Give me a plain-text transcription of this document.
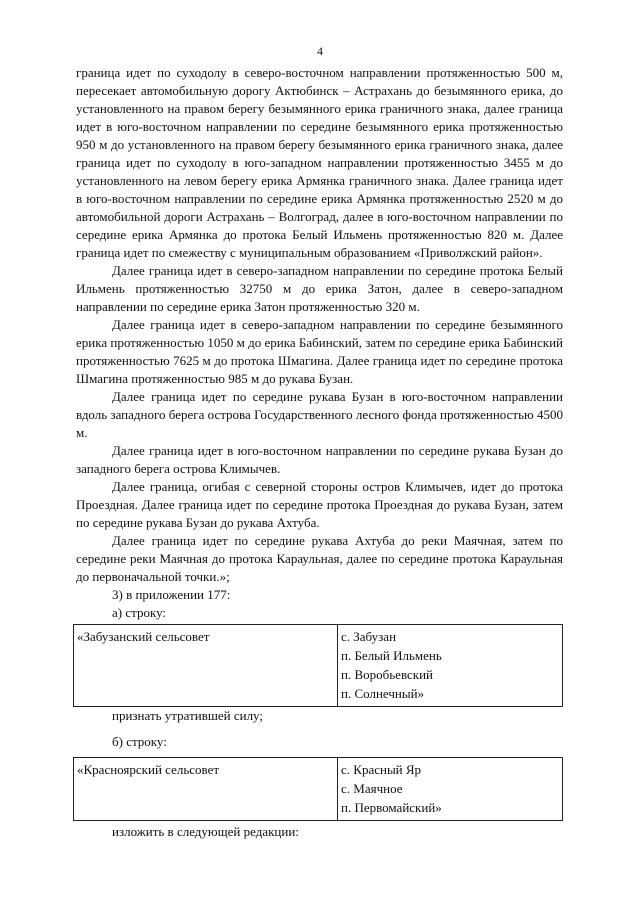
4

граница идет по суходолу в северо-восточном направлении протяженностью 500 м, пересекает автомобильную дорогу Актюбинск – Астрахань до безымянного ерика, до установленного на правом берегу безымянного ерика граничного знака, далее граница идет в юго-восточном направлении по середине безымянного ерика протяженностью 950 м до установленного на правом берегу безымянного ерика граничного знака, далее граница идет по суходолу в юго-западном направлении протяженностью 3455 м до установленного на левом берегу ерика Армянка граничного знака. Далее граница идет в юго-восточном направлении по середине ерика Армянка протяженностью 2520 м до автомобильной дороги Астрахань – Волгоград, далее в юго-восточном направлении по середине ерика Армянка до протока Белый Ильмень протяженностью 820 м. Далее граница идет по смежеству с муниципальным образованием «Приволжский район».

Далее граница идет в северо-западном направлении по середине протока Белый Ильмень протяженностью 32750 м до ерика Затон, далее в северо-западном направлении по середине ерика Затон протяженностью 320 м.

Далее граница идет в северо-западном направлении по середине безымянного ерика протяженностью 1050 м до ерика Бабинский, затем по середине ерика Бабинский протяженностью 7625 м до протока Шмагина. Далее граница идет по середине протока Шмагина протяженностью 985 м до рукава Бузан.

Далее граница идет по середине рукава Бузан в юго-восточном направлении вдоль западного берега острова Государственного лесного фонда протяженностью 4500 м.

Далее граница идет в юго-восточном направлении по середине рукава Бузан до западного берега острова Климычев.

Далее граница, огибая с северной стороны остров Климычев, идет до протока Проездная. Далее граница идет по середине протока Проездная до рукава Бузан, затем по середине рукава Бузан до рукава Ахтуба.

Далее граница идет по середине рукава Ахтуба до реки Маячная, затем по середине реки Маячная до протока Караульная, далее по середине протока Караульная до первоначальной точки.»;

3) в приложении 177:

а) строку:

«Забузанский сельсовет	с. Забузан
п. Белый Ильмень
п. Воробьевский
п. Солнечный»
признать утратившей силу;
б) строку:
«Красноярский сельсовет	с. Красный Яр
с. Маячное
п. Первомайский»
изложить в следующей редакции:
